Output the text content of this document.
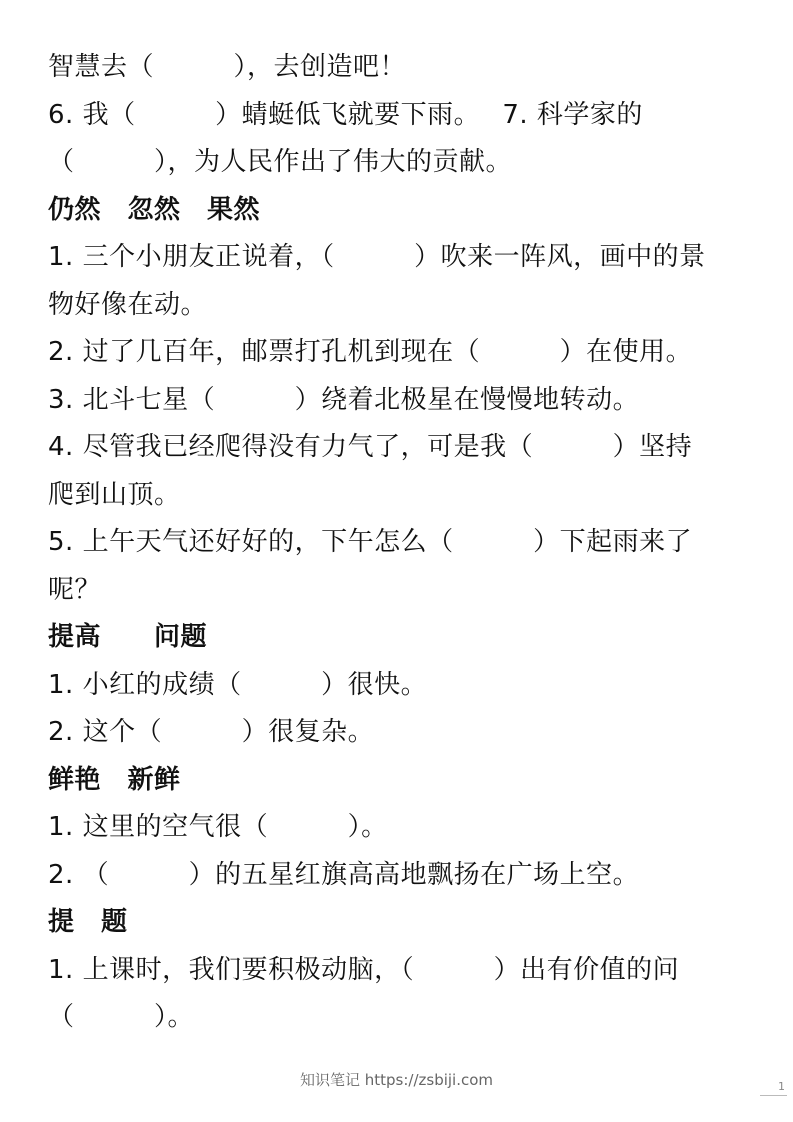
智慧去（　　　），去创造吧！
6. 我（　　　）蜻蜓低飞就要下雨。　 7. 科学家的
（　　　），为人民作出了伟大的贡献。
仍然　忽然　果然
1. 三个小朋友正说着，（　　　）吹来一阵风，画中的景
物好像在动。
2. 过了几百年，邮票打孔机到现在（　　　）在使用。
3. 北斗七星（　　　）绕着北极星在慢慢地转动。
4. 尽管我已经爬得没有力气了，可是我（　　　）坚持
爬到山顶。
5. 上午天气还好好的，下午怎么（　　　）下起雨来了
呢？
提高　　问题
1. 小红的成绩（　　　）很快。
2. 这个（　　　）很复杂。
鲜艳　新鲜
1. 这里的空气很（　　　）。
2. （　　　）的五星红旗高高地飘扬在广场上空。
提　题
1. 上课时，我们要积极动脑，（　　　）出有价值的问
（　　　）。
知识笔记 https://zsbiji.com	1
